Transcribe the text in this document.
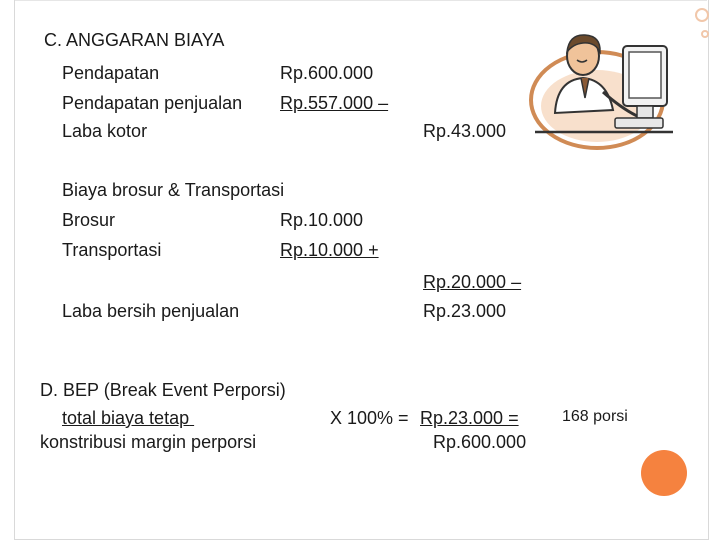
C. ANGGARAN BIAYA
Pendapatan	Rp.600.000
Pendapatan penjualan Rp.557.000 –
Laba kotor	Rp.43.000
Biaya brosur & Transportasi
Brosur	Rp.10.000
Transportasi	Rp.10.000 +
Rp.20.000 –
Laba bersih penjualan	Rp.23.000
D. BEP (Break Event Perporsi)
total biaya tetap	X 100% = Rp.23.000 =	168 porsi
konstribusi margin perporsi	Rp.600.000
